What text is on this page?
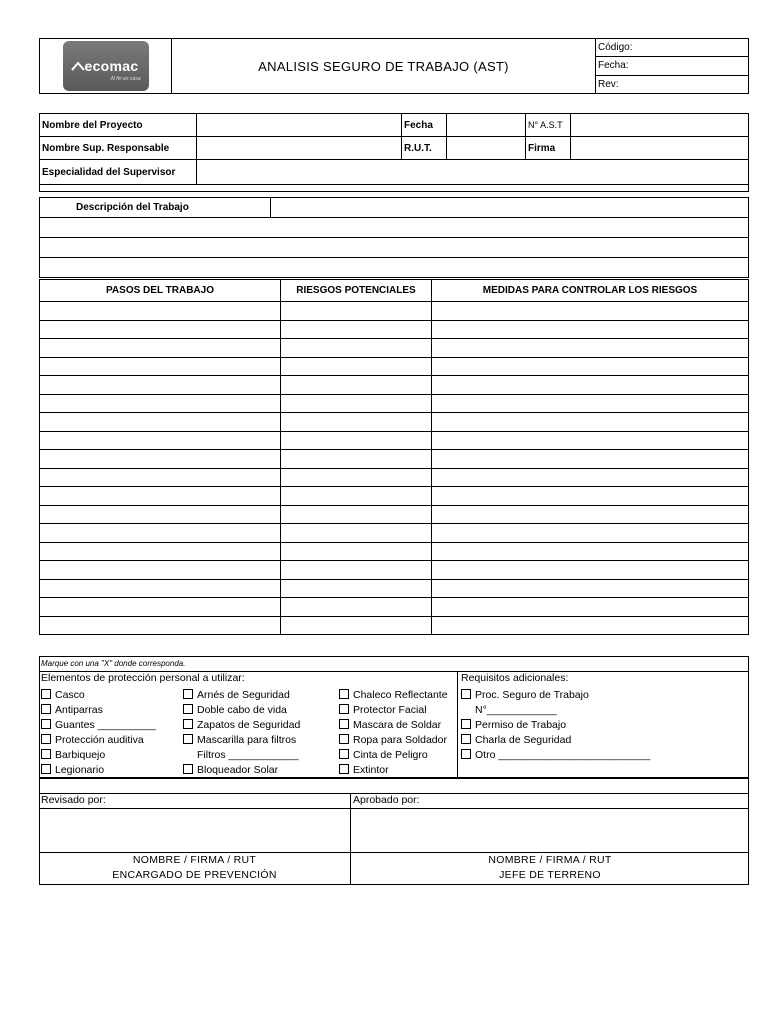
ecomac
Al fin en casa
	ANALISIS SEGURO DE TRABAJO (AST)	Código:
Fecha:
Rev:
Nombre del Proyecto		Fecha		N° A.S.T	
Nombre Sup. Responsable		R.U.T.		Firma	
Especialidad del Supervisor					

Descripción del Trabajo	

PASOS DEL TRABAJO	RIESGOS POTENCIALES	MEDIDAS PARA CONTROLAR LOS RIESGOS

Marque con una "X" donde corresponda.
Elementos de protección personal a utilizar:	Requisitos adicionales:
Casco
Antiparras
Guantes __________
Protección auditiva
Barbiquejo
Legionario
Arnés de Seguridad
Doble cabo de vida
Zapatos de Seguridad
Mascarilla para filtros
Filtros ____________
Bloqueador Solar
Chaleco Reflectante
Protector Facial
Mascara de Soldar
Ropa para Soldador
Cinta de Peligro
Extintor
Proc. Seguro de Trabajo
N°____________
Permiso de Trabajo
Charla de Seguridad
Otro __________________________
Revisado por:	Aprobado por:
NOMBRE / FIRMA / RUT
ENCARGADO DE PREVENCIÓN
NOMBRE / FIRMA / RUT
JEFE DE TERRENO
